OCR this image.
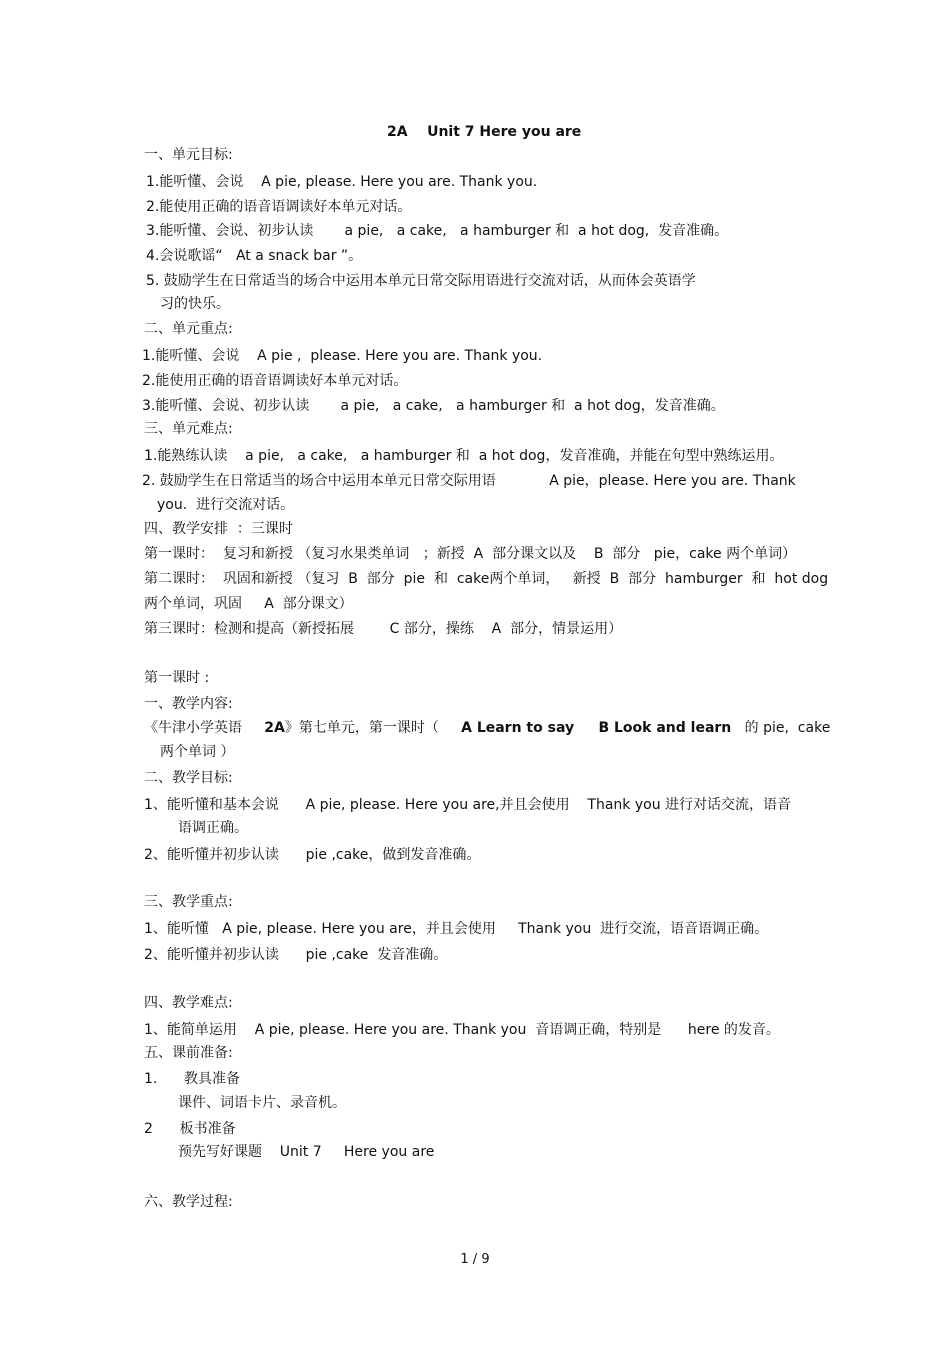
2A    Unit 7 Here you are
一、单元目标:
1.能听懂、会说    A pie, please. Here you are. Thank you.
2.能使用正确的语音语调读好本单元对话。
3.能听懂、会说、初步认读       a pie,   a cake,   a hamburger 和  a hot dog,  发音准确。
4.会说歌谣“   At a snack bar ”。
5. 鼓励学生在日常适当的场合中运用本单元日常交际用语进行交流对话，从而体会英语学
习的快乐。
二、单元重点:
1.能听懂、会说    A pie ,  please. Here you are. Thank you.
2.能使用正确的语音语调读好本单元对话。
3.能听懂、会说、初步认读       a pie,   a cake,   a hamburger 和  a hot dog，发音准确。
三、单元难点:
1.能熟练认读    a pie,   a cake,   a hamburger 和  a hot dog，发音准确，并能在句型中熟练运用。
2. 鼓励学生在日常适当的场合中运用本单元日常交际用语            A pie，please. Here you are. Thank
you.  进行交流对话。
四、教学安排  ：三课时
第一课时：  复习和新授 （复习水果类单词   ；新授  A  部分课文以及    B  部分   pie，cake 两个单词）
第二课时：  巩固和新授 （复习  B  部分  pie  和  cake两个单词，   新授  B  部分  hamburger  和  hot dog
两个单词，巩固     A  部分课文）
第三课时：检测和提高（新授拓展        C 部分，操练    A  部分，情景运用）
第一课时 :
一、教学内容:
《牛津小学英语     2A》第七单元，第一课时（     A Learn to say     B Look and learn   的 pie,  cake
两个单词 ）
二、教学目标:
1、能听懂和基本会说      A pie, please. Here you are,并且会使用    Thank you 进行对话交流，语音
语调正确。
2、能听懂并初步认读      pie ,cake，做到发音准确。
三、教学重点:
1、能听懂   A pie, please. Here you are，并且会使用     Thank you  进行交流，语音语调正确。
2、能听懂并初步认读      pie ,cake  发音准确。
四、教学难点:
1、能简单运用    A pie, please. Here you are. Thank you  音语调正确，特别是      here 的发音。
五、课前准备:
1.      教具准备
课件、词语卡片、录音机。
2      板书准备
预先写好课题    Unit 7     Here you are
六、教学过程:
1 / 9
